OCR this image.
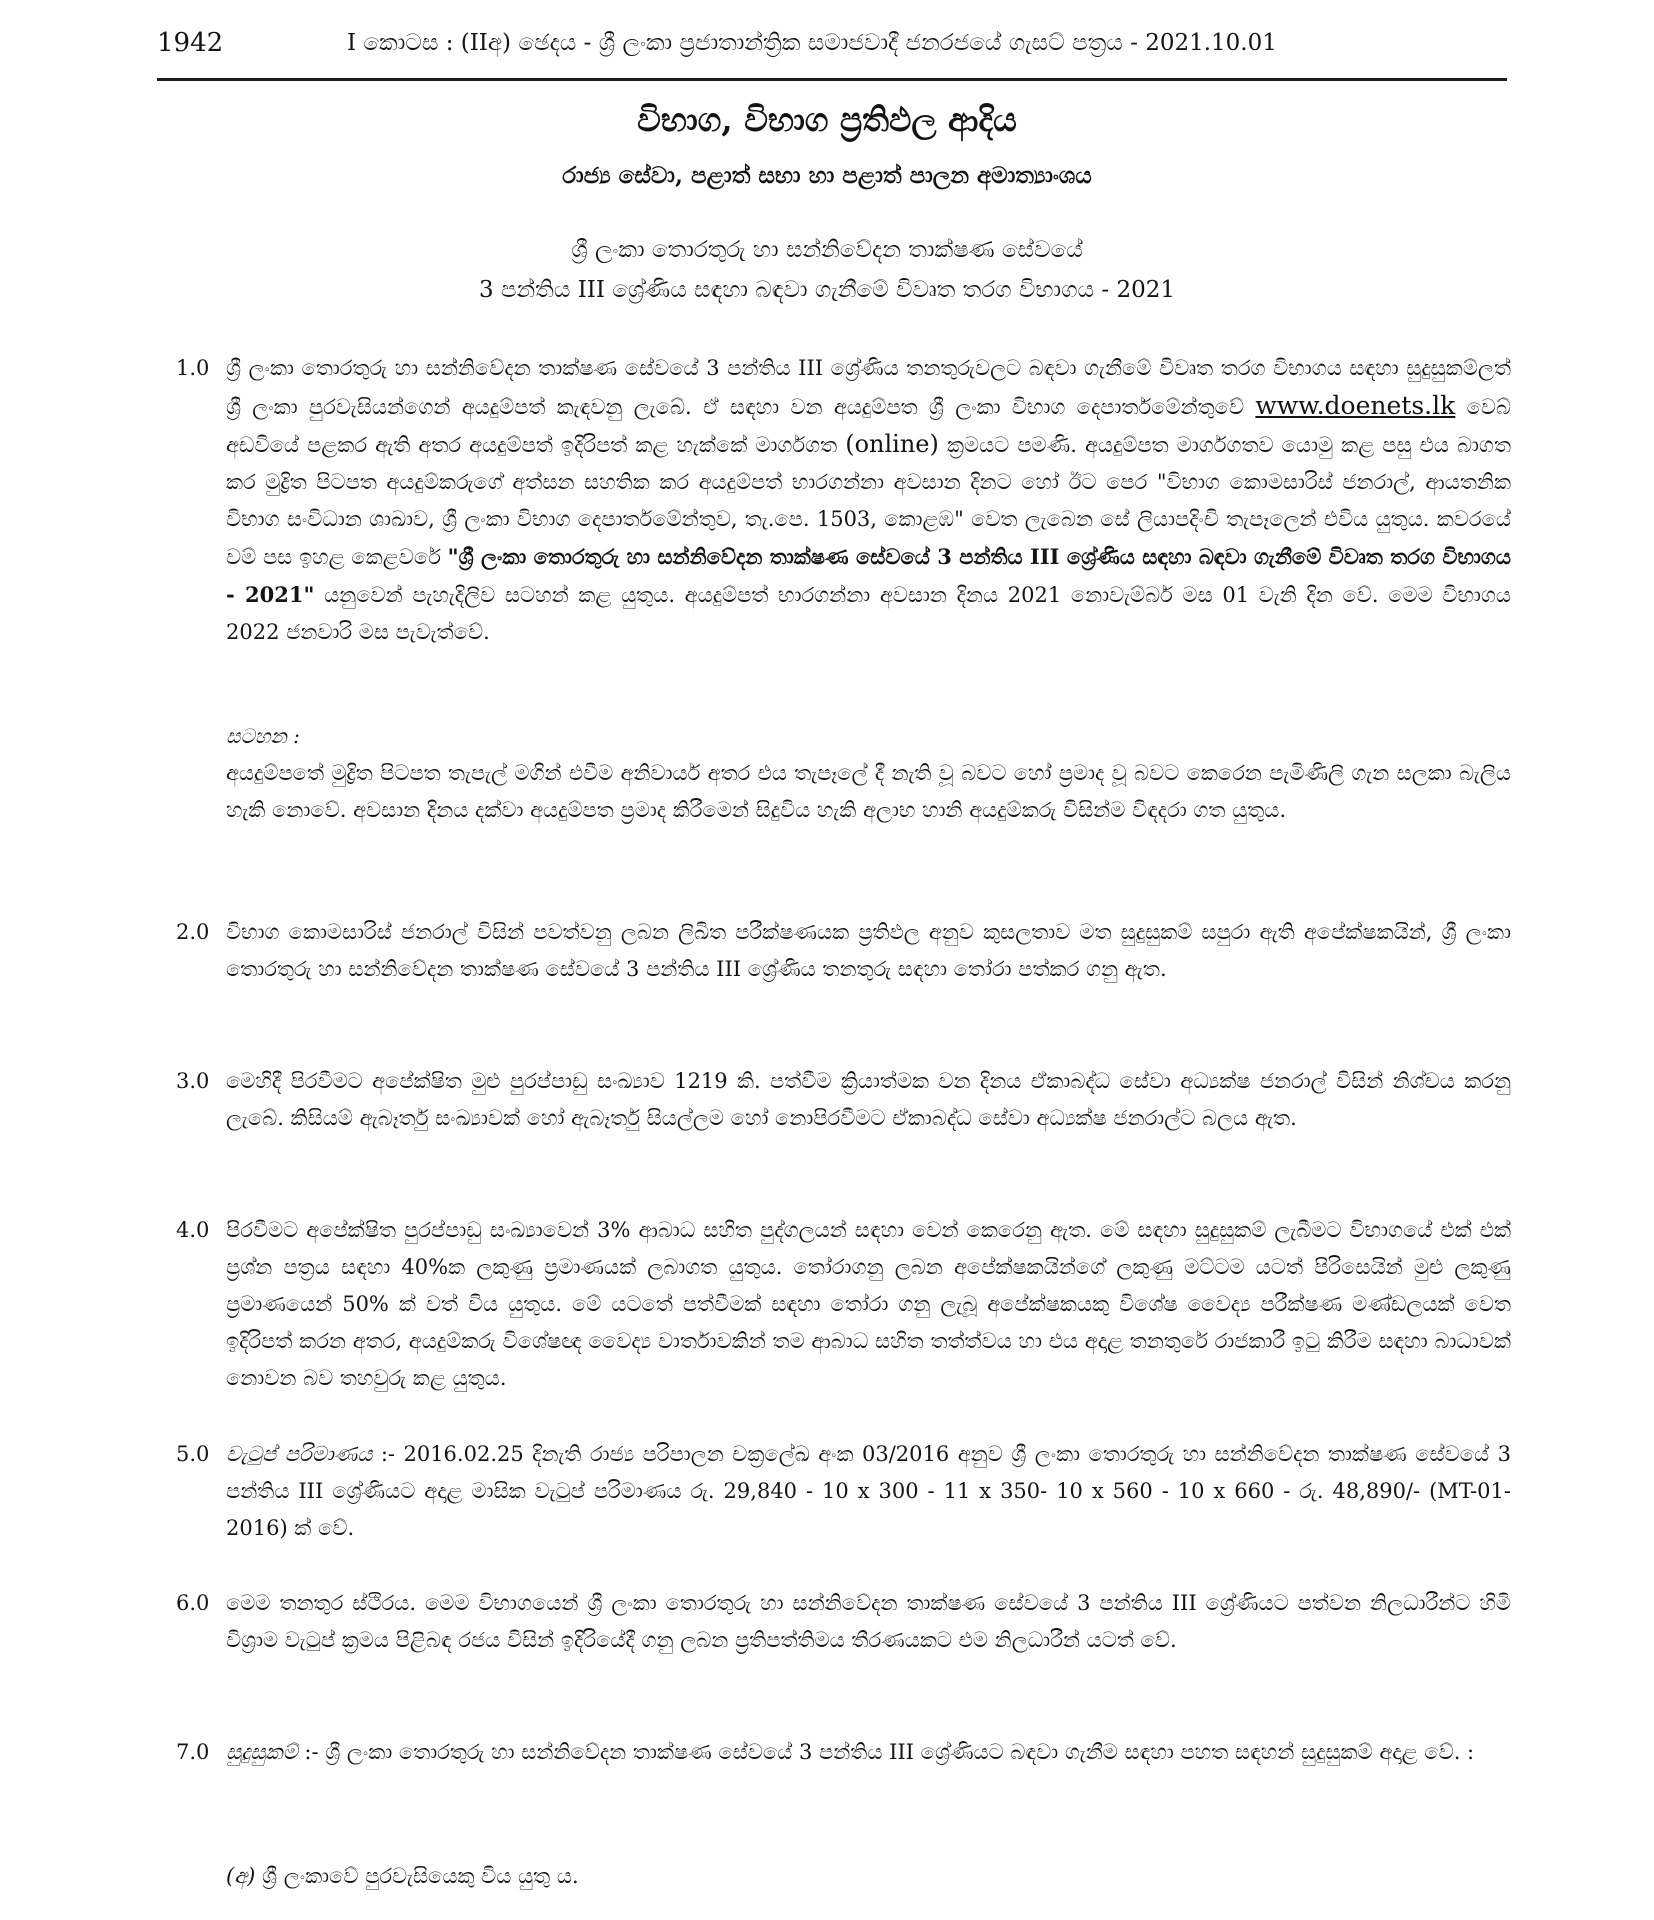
1942	I කොටස : (IIඅ) ඡෙදය - ශ්‍රී ලංකා ප්‍රජාතාන්ත්‍රික සමාජවාදී ජනරජයේ ගැසට් පත්‍රය - 2021.10.01
විභාග, විභාග ප්‍රතිඵල ආදිය
රාජ්‍ය සේවා, පළාත් සභා හා පළාත් පාලන අමාත්‍යාංශය
ශ්‍රී ලංකා තොරතුරු හා සන්නිවේදන තාක්ෂණ සේවයේ
3 පන්තිය III ශ්‍රේණිය සඳහා බඳවා ගැනීමේ විවෘත තරග විභාගය - 2021
1.0 ශ්‍රී ලංකා තොරතුරු හා සන්නිවේදන තාක්ෂණ සේවයේ 3 පන්තිය III ශ්‍රේණිය තනතුරුවලට බඳවා ගැනීමේ විවෘත තරග විභාගය සඳහා සුදුසුකම්ලත් ශ්‍රී ලංකා පුරවැසියන්ගෙන් අයදුම්පත් කැඳවනු ලැබේ. ඒ සඳහා වන අයදුම්පත ශ්‍රී ලංකා විභාග දෙපාර්තමේන්තුවේ www.doenets.lk වෙබ් අඩවියේ පළකර ඇති අතර අයදුම්පත් ඉදිරිපත් කළ හැක්කේ මාර්ගගත (online) ක්‍රමයට පමණි. අයදුම්පත මාර්ගගතව යොමු කළ පසු එය බාගත කර මුද්‍රිත පිටපත අයදුම්කරුගේ අත්සන සහතික කර අයදුම්පත් භාරගන්නා අවසාන දිනට හෝ ඊට පෙර "විභාග කොමසාරිස් ජනරාල්, ආයතනික විභාග සංවිධාන ශාඛාව, ශ්‍රී ලංකා විභාග දෙපාර්තමේන්තුව, තැ.පෙ. 1503, කොළඹ" වෙත ලැබෙන සේ ලියාපදිංචි තැපෑලෙන් එවිය යුතුය. කවරයේ වම් පස ඉහළ කෙළවරේ "ශ්‍රී ලංකා තොරතුරු හා සන්නිවේදන තාක්ෂණ සේවයේ 3 පන්තිය III ශ්‍රේණිය සඳහා බඳවා ගැනීමේ විවෘත තරග විභාගය - 2021" යනුවෙන් පැහැදිලිව සටහන් කළ යුතුය. අයදුම්පත් භාරගන්නා අවසාන දිනය 2021 නොවැම්බර් මස 01 වැනි දින වේ. මෙම විභාගය 2022 ජනවාරි මස පැවැත්වේ.
සටහන :
අයදුම්පතේ මුද්‍රිත පිටපත තැපැල් මගින් එවීම අනිවාර්ය අතර එය තැපෑලේ දී නැති වූ බවට හෝ ප්‍රමාද වූ බවට කෙරෙන පැමිණිලි ගැන සලකා බැලිය හැකි නොවේ. අවසාන දිනය දක්වා අයදුම්පත ප්‍රමාද කිරීමෙන් සිදුවිය හැකි අලාභ හානි අයදුම්කරු විසින්ම විඳදරා ගත යුතුය.
2.0 විභාග කොමසාරිස් ජනරාල් විසින් පවත්වනු ලබන ලිඛිත පරීක්ෂණයක ප්‍රතිඵල අනුව කුසලතාව මත සුදුසුකම් සපුරා ඇති අපේක්ෂකයින්, ශ්‍රී ලංකා තොරතුරු හා සන්නිවේදන තාක්ෂණ සේවයේ 3 පන්තිය III ශ්‍රේණිය තනතුරු සඳහා තෝරා පත්කර ගනු ඇත.
3.0 මෙහිදී පිරවීමට අපේක්ෂිත මුළු පුරප්පාඩු සංඛ්‍යාව 1219 කි. පත්වීම ක්‍රියාත්මක වන දිනය ඒකාබද්ධ සේවා අධ්‍යක්ෂ ජනරාල් විසින් නිශ්චය කරනු ලැබේ. කිසියම් ඇබෑර්තු සංඛ්‍යාවක් හෝ ඇබෑර්තු සියල්ලම හෝ නොපිරවීමට ඒකාබද්ධ සේවා අධ්‍යක්ෂ ජනරාල්ට බලය ඇත.
4.0 පිරවීමට අපේක්ෂිත පුරප්පාඩු සංඛ්‍යාවෙන් 3% ආබාධ සහිත පුද්ගලයන් සඳහා වෙන් කෙරෙනු ඇත. මේ සඳහා සුදුසුකම් ලැබීමට විභාගයේ එක් එක් ප්‍රශ්න පත්‍රය සඳහා 40%ක ලකුණු ප්‍රමාණයක් ලබාගත යුතුය. තෝරාගනු ලබන අපේක්ෂකයින්ගේ ලකුණු මට්ටම යටත් පිරිසෙයින් මුළු ලකුණු ප්‍රමාණයෙන් 50% ක් වත් විය යුතුය. මේ යටතේ පත්වීමක් සඳහා තෝරා ගනු ලැබූ අපේක්ෂකයකු විශේෂ වෛද්‍ය පරීක්ෂණ මණ්ඩලයක් වෙත ඉදිරිපත් කරන අතර, අයදුම්කරු විශේෂඥ වෛද්‍ය වාර්තාවකින් තම ආබාධ සහිත තත්ත්වය හා එය අදාළ තනතුරේ රාජකාරී ඉටු කිරීම සඳහා බාධාවක් නොවන බව තහවුරු කළ යුතුය.
5.0 වැටුප් පරිමාණය :- 2016.02.25 දිනැති රාජ්‍ය පරිපාලන චක්‍රලේඛ අංක 03/2016 අනුව ශ්‍රී ලංකා තොරතුරු හා සන්නිවේදන තාක්ෂණ සේවයේ 3 පන්තිය III ශ්‍රේණියට අදාළ මාසික වැටුප් පරිමාණය රු. 29,840 - 10 x 300 - 11 x 350- 10 x 560 - 10 x 660 - රු. 48,890/- (MT-01-2016) ක් වේ.
6.0 මෙම තනතුර ස්ථිරය. මෙම විභාගයෙන් ශ්‍රී ලංකා තොරතුරු හා සන්නිවේදන තාක්ෂණ සේවයේ 3 පන්තිය III ශ්‍රේණියට පත්වන නිලධාරීන්ට හිමි විශ්‍රාම වැටුප් ක්‍රමය පිළිබඳ රජය විසින් ඉදිරියේදී ගනු ලබන ප්‍රතිපත්තිමය තීරණයකට එම නිලධාරීන් යටත් වේ.
7.0 සුදුසුකම් :- ශ්‍රී ලංකා තොරතුරු හා සන්නිවේදන තාක්ෂණ සේවයේ 3 පන්තිය III ශ්‍රේණියට බඳවා ගැනීම සඳහා පහත සඳහන් සුදුසුකම් අදාළ වේ. :
(අ) ශ්‍රී ලංකාවේ පුරවැසියෙකු විය යුතු ය.
